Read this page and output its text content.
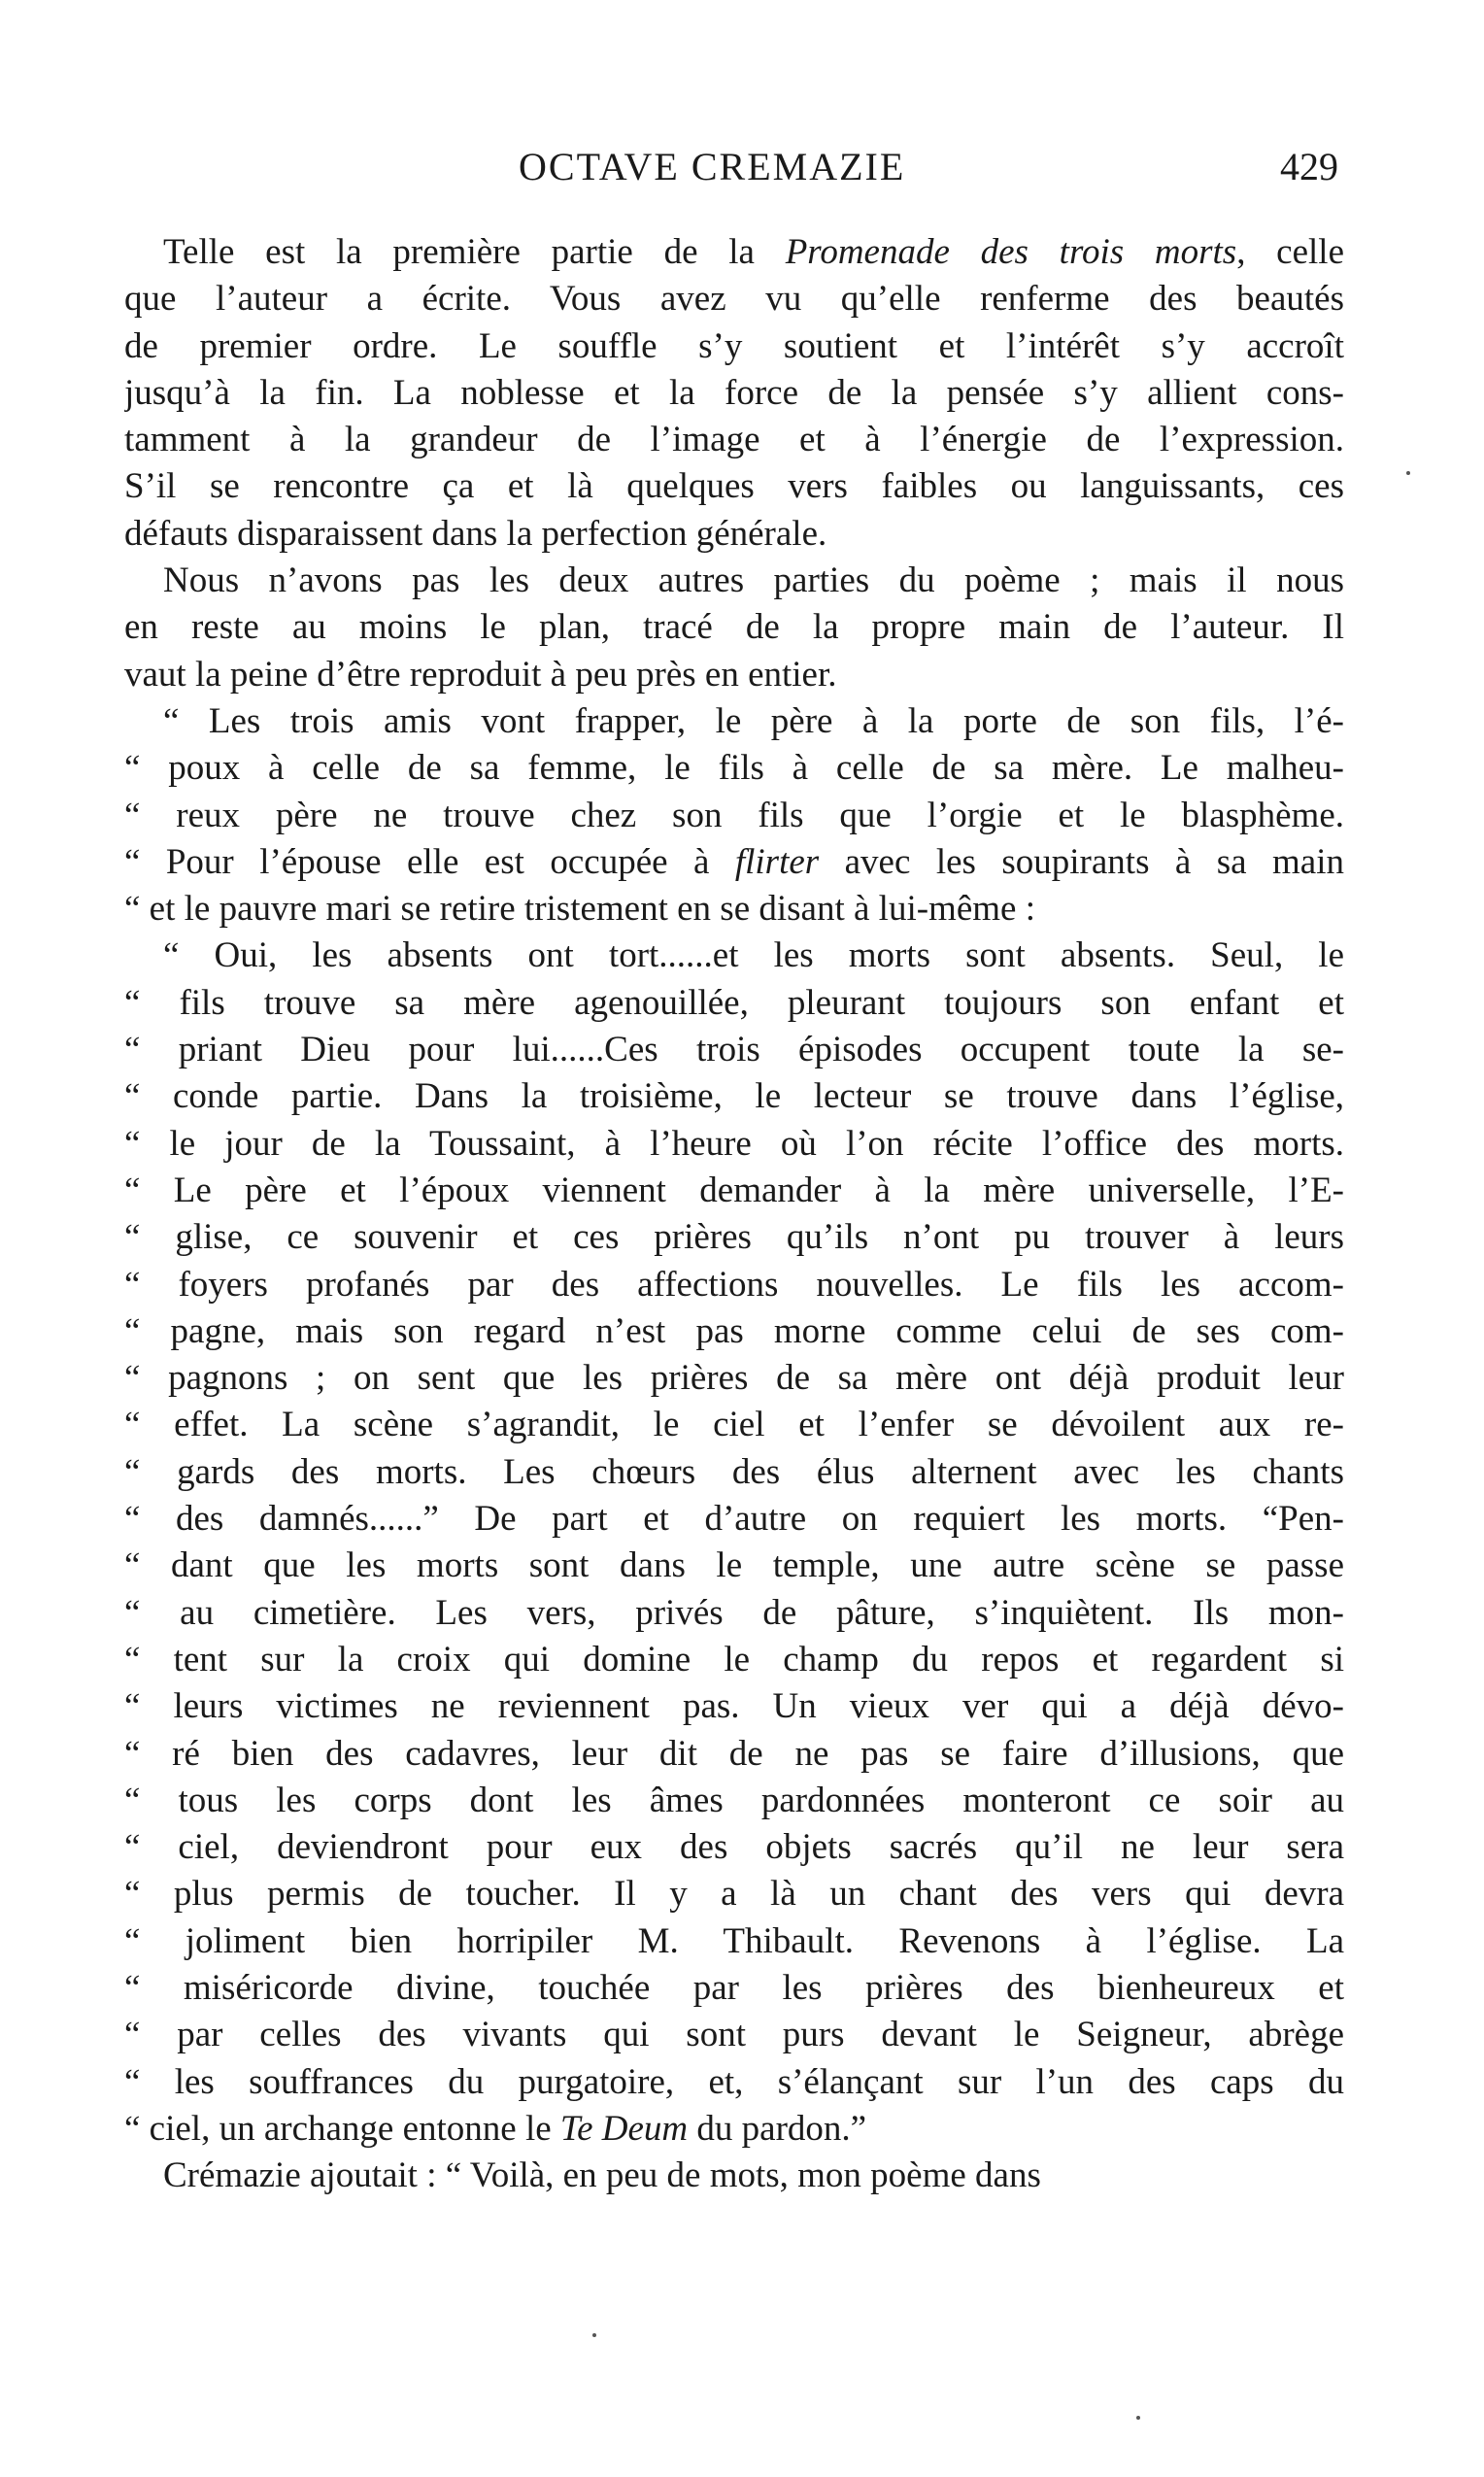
OCTAVE CREMAZIE	429
Telle est la première partie de la Promenade des trois morts, celle
que l’auteur a écrite. Vous avez vu qu’elle renferme des beautés
de premier ordre. Le souffle s’y soutient et l’intérêt s’y accroît
jusqu’à la fin. La noblesse et la force de la pensée s’y allient cons-
tamment à la grandeur de l’image et à l’énergie de l’expression.
S’il se rencontre ça et là quelques vers faibles ou languissants, ces
défauts disparaissent dans la perfection générale.
Nous n’avons pas les deux autres parties du poème ; mais il nous
en reste au moins le plan, tracé de la propre main de l’auteur. Il
vaut la peine d’être reproduit à peu près en entier.
“ Les trois amis vont frapper, le père à la porte de son fils, l’é-
“ poux à celle de sa femme, le fils à celle de sa mère. Le malheu-
“ reux père ne trouve chez son fils que l’orgie et le blasphème.
“ Pour l’épouse elle est occupée à flirter avec les soupirants à sa main
“ et le pauvre mari se retire tristement en se disant à lui-même :
“ Oui, les absents ont tort......et les morts sont absents. Seul, le
“ fils trouve sa mère agenouillée, pleurant toujours son enfant et
“ priant Dieu pour lui......Ces trois épisodes occupent toute la se-
“ conde partie. Dans la troisième, le lecteur se trouve dans l’église,
“ le jour de la Toussaint, à l’heure où l’on récite l’office des morts.
“ Le père et l’époux viennent demander à la mère universelle, l’E-
“ glise, ce souvenir et ces prières qu’ils n’ont pu trouver à leurs
“ foyers profanés par des affections nouvelles. Le fils les accom-
“ pagne, mais son regard n’est pas morne comme celui de ses com-
“ pagnons ; on sent que les prières de sa mère ont déjà produit leur
“ effet. La scène s’agrandit, le ciel et l’enfer se dévoilent aux re-
“ gards des morts. Les chœurs des élus alternent avec les chants
“ des damnés......” De part et d’autre on requiert les morts. “Pen-
“ dant que les morts sont dans le temple, une autre scène se passe
“ au cimetière. Les vers, privés de pâture, s’inquiètent. Ils mon-
“ tent sur la croix qui domine le champ du repos et regardent si
“ leurs victimes ne reviennent pas. Un vieux ver qui a déjà dévo-
“ ré bien des cadavres, leur dit de ne pas se faire d’illusions, que
“ tous les corps dont les âmes pardonnées monteront ce soir au
“ ciel, deviendront pour eux des objets sacrés qu’il ne leur sera
“ plus permis de toucher. Il y a là un chant des vers qui devra
“ joliment bien horripiler M. Thibault. Revenons à l’église. La
“ miséricorde divine, touchée par les prières des bienheureux et
“ par celles des vivants qui sont purs devant le Seigneur, abrège
“ les souffrances du purgatoire, et, s’élançant sur l’un des caps du
“ ciel, un archange entonne le Te Deum du pardon.”
Crémazie ajoutait : “ Voilà, en peu de mots, mon poème dans
